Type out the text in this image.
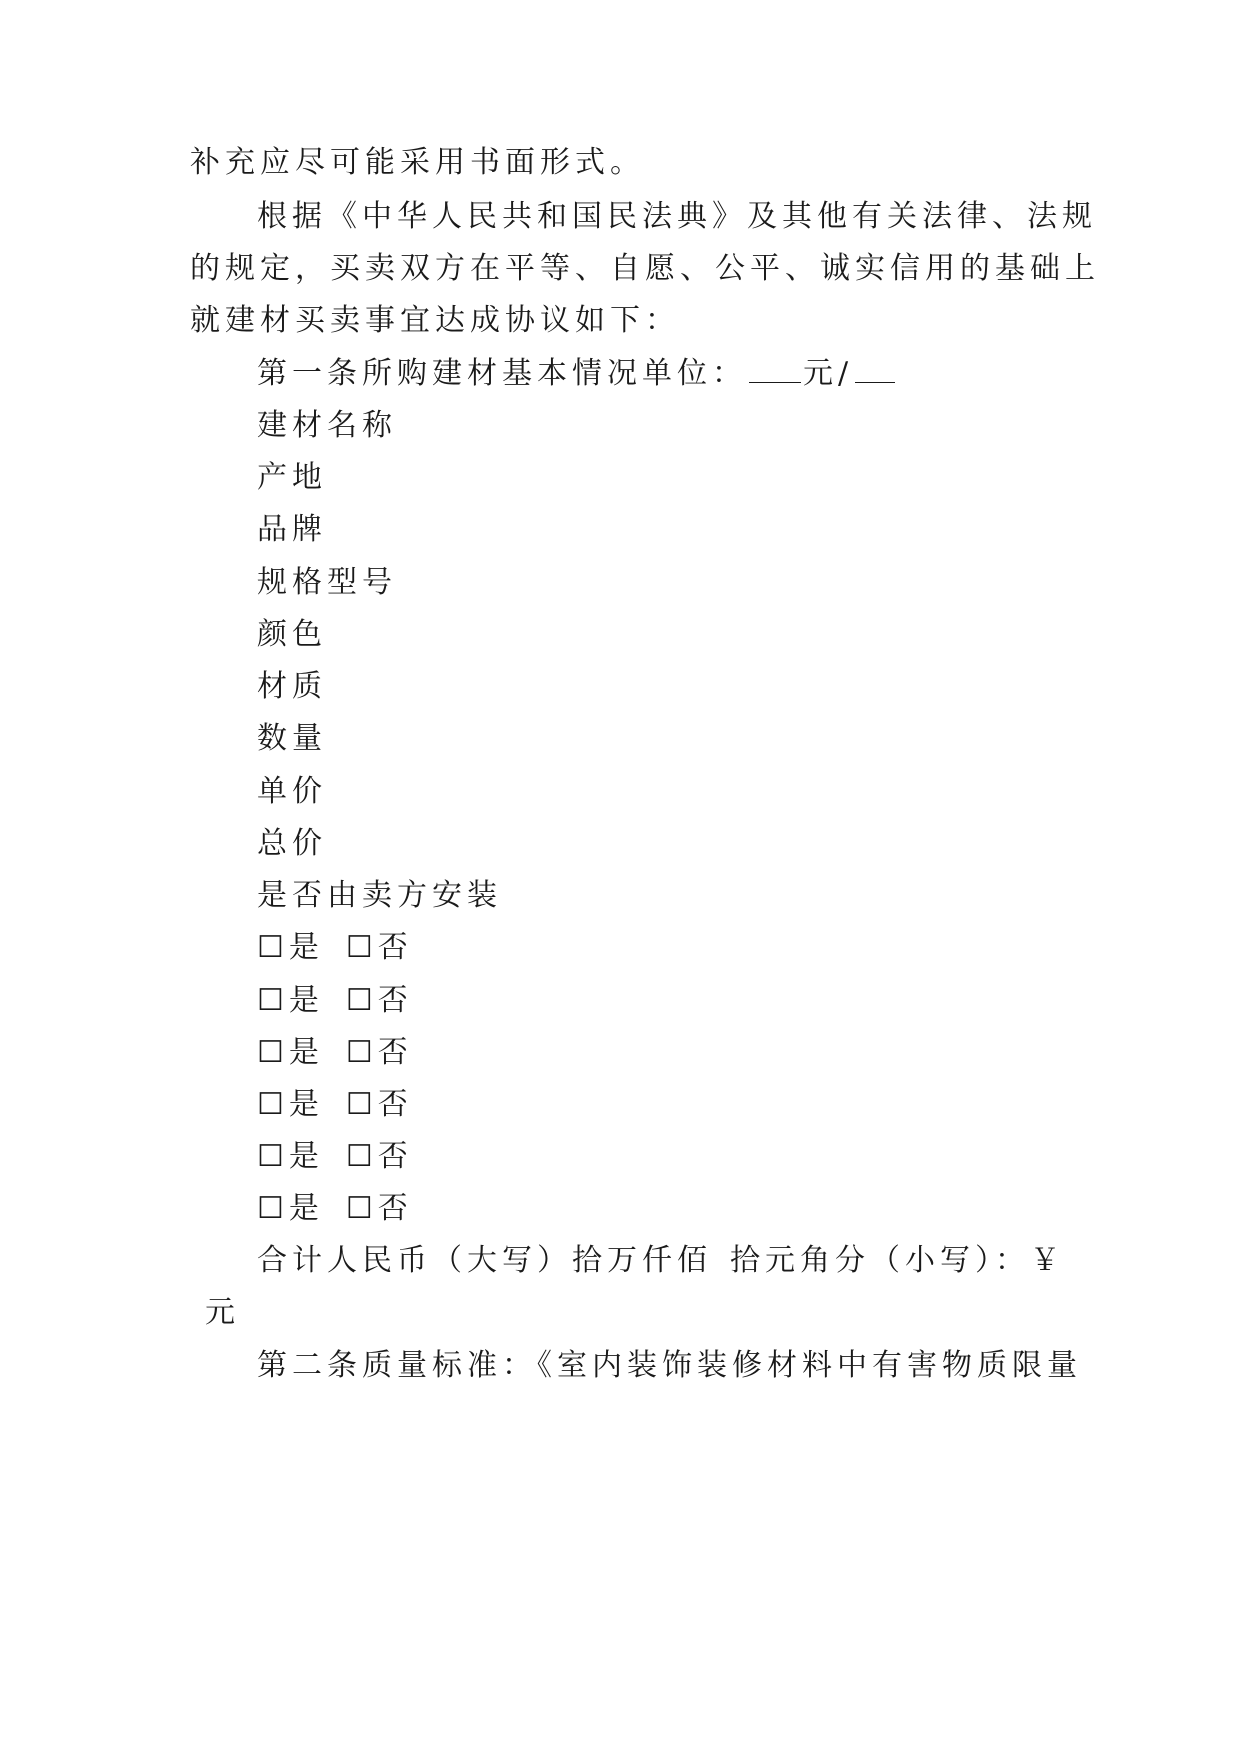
补充应尽可能采用书面形式。
根据《中华人民共和国民法典》及其他有关法律、法规
的规定，买卖双方在平等、自愿、公平、诚实信用的基础上
就建材买卖事宜达成协议如下：
第一条所购建材基本情况单位： 元/
建材名称
产地
品牌
规格型号
颜色
材质
数量
单价
总价
是否由卖方安装
☐是 ☐否
☐是 ☐否
☐是 ☐否
☐是 ☐否
☐是 ☐否
☐是 ☐否
合计人民币（大写）拾万仟佰 拾元角分（小写）：￥
元
第二条质量标准：《室内装饰装修材料中有害物质限量
